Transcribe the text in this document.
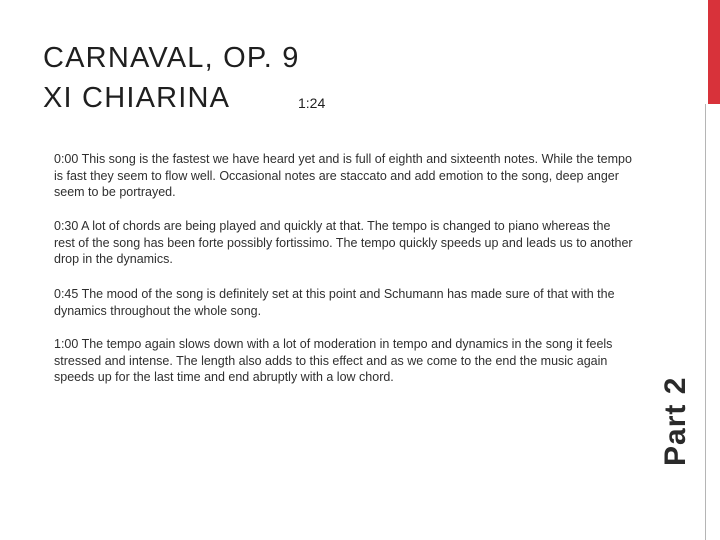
CARNAVAL, OP. 9
XI CHIARINA	1:24

0:00 This song is the fastest we have heard yet and is full of eighth and sixteenth notes. While the tempo is fast they seem to flow well. Occasional notes are staccato and add emotion to the song, deep anger seem to be portrayed.

0:30 A lot of chords are being played and quickly at that. The tempo is changed to piano whereas the rest of the song has been forte possibly fortissimo. The tempo quickly speeds up and leads us to another drop in the dynamics.

0:45 The mood of the song is definitely set at this point and Schumann has made sure of that with the dynamics throughout the whole song.

1:00 The tempo again slows down with a lot of moderation in tempo and dynamics in the song it feels stressed and intense. The length also adds to this effect and as we come to the end the music again speeds up for the last time and end abruptly with a low chord.	Part 2
